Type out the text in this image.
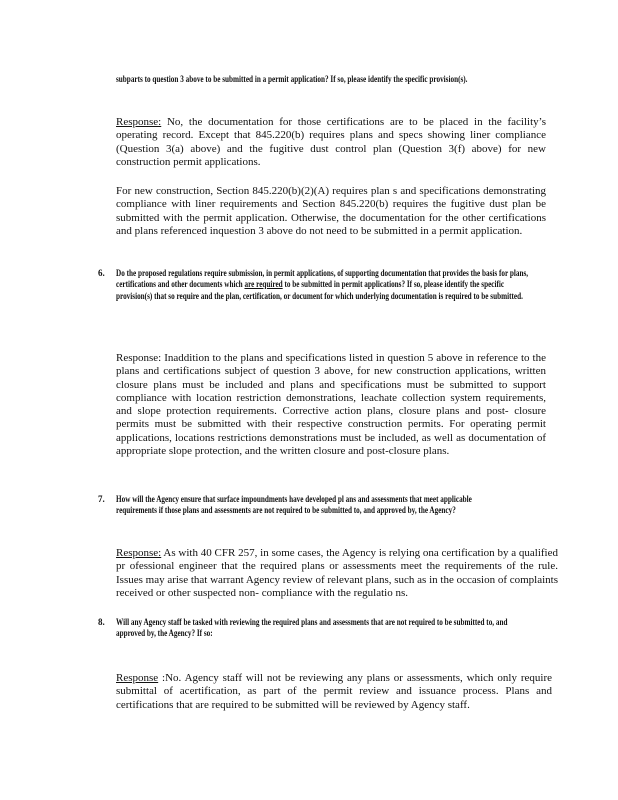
subparts to question 3 above to be submitted in a permit application? If so, please identify the specific provision(s).
Response: No, the documentation for those certifications are to be placed in the facility’s operating record. Except that 845.220(b) requires plans and specs showing liner compliance (Question 3(a) above) and the fugitive dust control plan (Question 3(f) above) for new construction permit applications.
For new construction, Section 845.220(b)(2)(A) requires plan s and specifications demonstrating compliance with liner requirements and Section 845.220(b) requires the fugitive dust plan be submitted with the permit application. Otherwise, the documentation for the other certifications and plans referenced inquestion 3 above do not need to be submitted in a permit application.
6. Do the proposed regulations require submission, in permit applications, of supporting documentation that provides the basis for plans, certifications and other documents which are required to be submitted in permit applications? If so, please identify the specific provision(s) that so require and the plan, certification, or document for which underlying documentation is required to be submitted.
Response: Inaddition to the plans and specifications listed in question 5 above in reference to the plans and certifications subject of question 3 above, for new construction applications, written closure plans must be included and plans and specifications must be submitted to support compliance with location restriction demonstrations, leachate collection system requirements, and slope protection requirements. Corrective action plans, closure plans and post- closure permits must be submitted with their respective construction permits. For operating permit applications, locations restrictions demonstrations must be included, as well as documentation of appropriate slope protection, and the written closure and post-closure plans.
7. How will the Agency ensure that surface impoundments have developed pl ans and assessments that meet applicable requirements if those plans and assessments are not required to be submitted to, and approved by, the Agency?
Response: As with 40 CFR 257, in some cases, the Agency is relying ona certification by a qualified pr ofessional engineer that the required plans or assessments meet the requirements of the rule. Issues may arise that warrant Agency review of relevant plans, such as in the occasion of complaints received or other suspected non- compliance with the regulatio ns.
8. Will any Agency staff be tasked with reviewing the required plans and assessments that are not required to be submitted to, and approved by, the Agency? If so:
Response :No. Agency staff will not be reviewing any plans or assessments, which only require submittal of acertification, as part of the permit review and issuance process. Plans and certifications that are required to be submitted will be reviewed by Agency staff.
